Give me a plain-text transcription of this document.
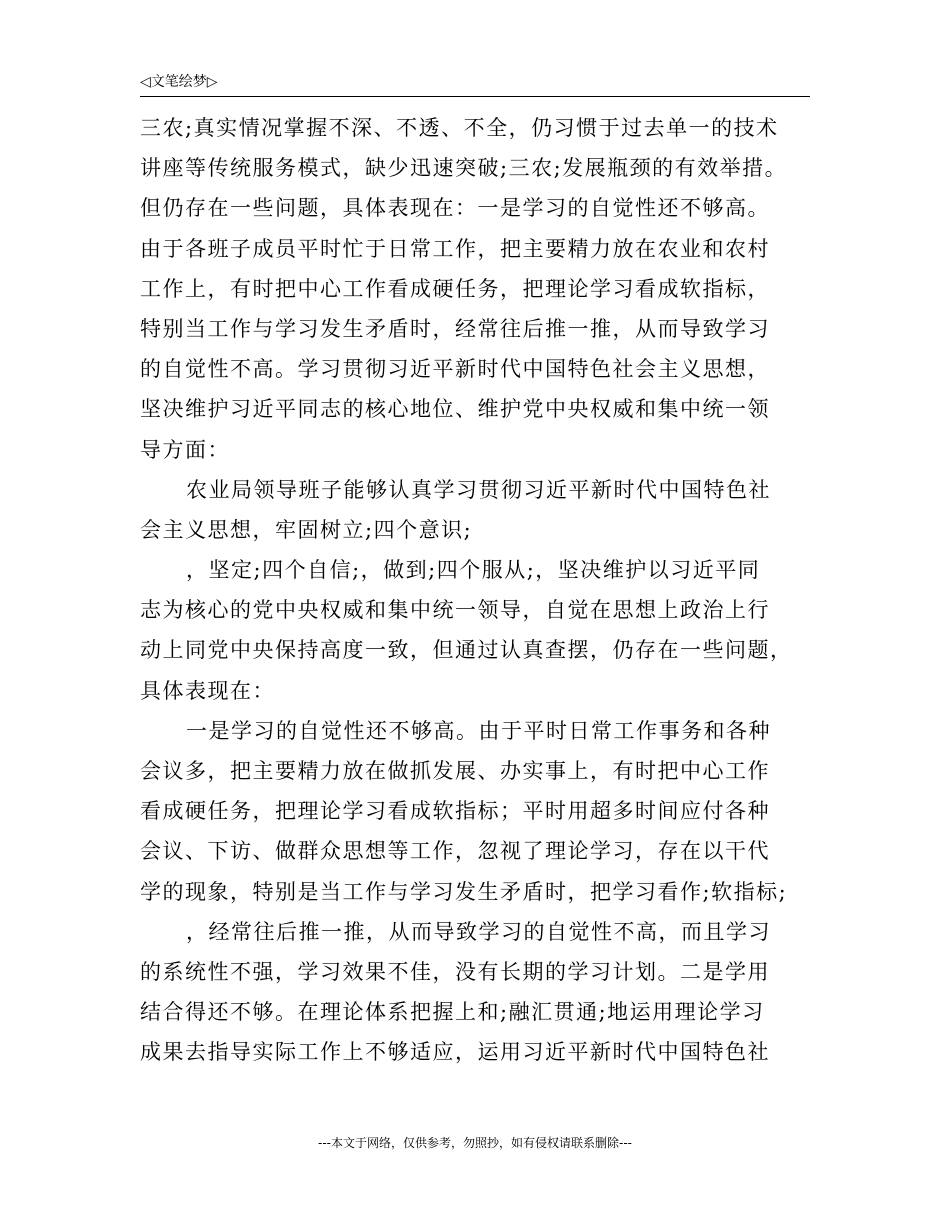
◁文笔绘梦▷
三农;真实情况掌握不深、不透、不全，仍习惯于过去单一的技术
讲座等传统服务模式，缺少迅速突破;三农;发展瓶颈的有效举措。
但仍存在一些问题，具体表现在：一是学习的自觉性还不够高。
由于各班子成员平时忙于日常工作，把主要精力放在农业和农村
工作上，有时把中心工作看成硬任务，把理论学习看成软指标，
特别当工作与学习发生矛盾时，经常往后推一推，从而导致学习
的自觉性不高。学习贯彻习近平新时代中国特色社会主义思想，
坚决维护习近平同志的核心地位、维护党中央权威和集中统一领
导方面：
农业局领导班子能够认真学习贯彻习近平新时代中国特色社
会主义思想，牢固树立;四个意识;
，坚定;四个自信;，做到;四个服从;，坚决维护以习近平同
志为核心的党中央权威和集中统一领导，自觉在思想上政治上行
动上同党中央保持高度一致，但通过认真查摆，仍存在一些问题，
具体表现在：
一是学习的自觉性还不够高。由于平时日常工作事务和各种
会议多，把主要精力放在做抓发展、办实事上，有时把中心工作
看成硬任务，把理论学习看成软指标；平时用超多时间应付各种
会议、下访、做群众思想等工作，忽视了理论学习，存在以干代
学的现象，特别是当工作与学习发生矛盾时，把学习看作;软指标;
，经常往后推一推，从而导致学习的自觉性不高，而且学习
的系统性不强，学习效果不佳，没有长期的学习计划。二是学用
结合得还不够。在理论体系把握上和;融汇贯通;地运用理论学习
成果去指导实际工作上不够适应，运用习近平新时代中国特色社
---本文于网络，仅供参考，勿照抄，如有侵权请联系删除---
